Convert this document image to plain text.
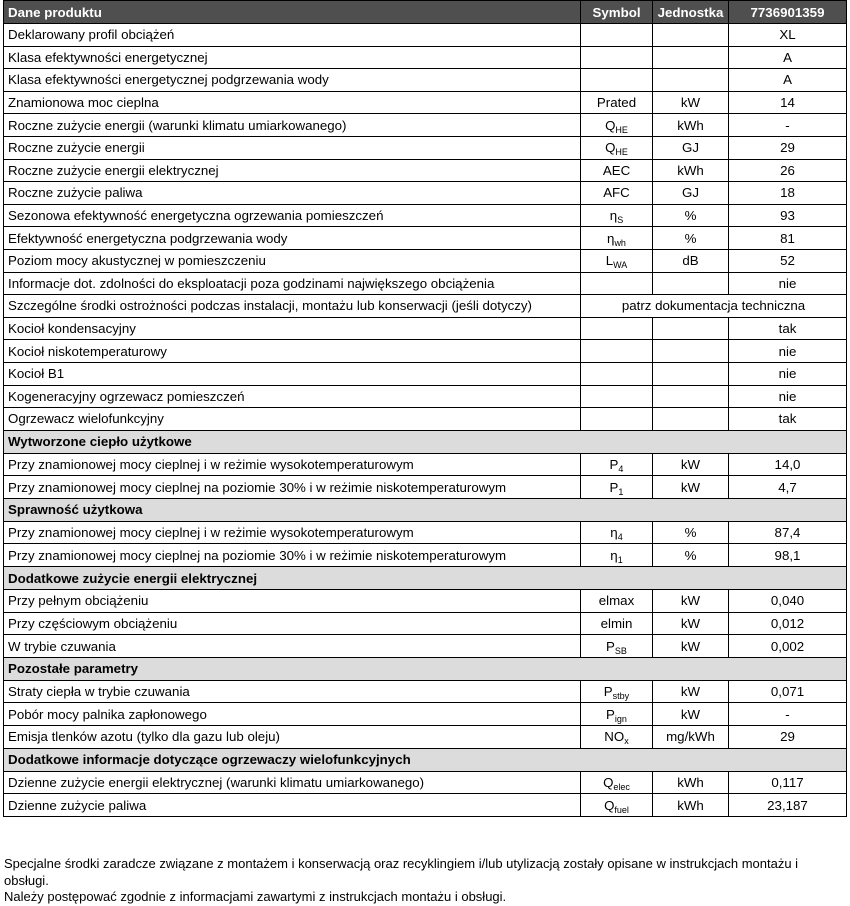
Dane produktu	Symbol	Jednostka	7736901359
Deklarowany profil obciążeń			XL
Klasa efektywności energetycznej			A
Klasa efektywności energetycznej podgrzewania wody			A
Znamionowa moc cieplna	Prated	kW	14
Roczne zużycie energii (warunki klimatu umiarkowanego)	$Q_{HE}$	kWh	-
Roczne zużycie energii	$Q_{HE}$	GJ	29
Roczne zużycie energii elektrycznej	AEC	kWh	26
Roczne zużycie paliwa	AFC	GJ	18
Sezonowa efektywność energetyczna ogrzewania pomieszczeń	$\eta_S$	%	93
Efektywność energetyczna podgrzewania wody	$\eta_{wh}$	%	81
Poziom mocy akustycznej w pomieszczeniu	$L_{WA}$	dB	52
Informacje dot. zdolności do eksploatacji poza godzinami największego obciążenia			nie
Szczególne środki ostrożności podczas instalacji, montażu lub konserwacji (jeśli dotyczy)	patrz dokumentacja techniczna		
Kocioł kondensacyjny			tak
Kocioł niskotemperaturowy			nie
Kocioł B1			nie
Kogeneracyjny ogrzewacz pomieszczeń			nie
Ogrzewacz wielofunkcyjny			tak
Wytworzone ciepło użytkowe			
Przy znamionowej mocy cieplnej i w reżimie wysokotemperaturowym	$P_4$	kW	14,0
Przy znamionowej mocy cieplnej na poziomie 30% i w reżimie niskotemperaturowym	$P_1$	kW	4,7
Sprawność użytkowa			
Przy znamionowej mocy cieplnej i w reżimie wysokotemperaturowym	$\eta_4$	%	87,4
Przy znamionowej mocy cieplnej na poziomie 30% i w reżimie niskotemperaturowym	$\eta_1$	%	98,1
Dodatkowe zużycie energii elektrycznej			
Przy pełnym obciążeniu	elmax	kW	0,040
Przy częściowym obciążeniu	elmin	kW	0,012
W trybie czuwania	$P_{SB}$	kW	0,002
Pozostałe parametry			
Straty ciepła w trybie czuwania	$P_{stby}$	kW	0,071
Pobór mocy palnika zapłonowego	$P_{ign}$	kW	-
Emisja tlenków azotu (tylko dla gazu lub oleju)	$NO_x$	mg/kWh	29
Dodatkowe informacje dotyczące ogrzewaczy wielofunkcyjnych			
Dzienne zużycie energii elektrycznej (warunki klimatu umiarkowanego)	$Q_{elec}$	kWh	0,117
Dzienne zużycie paliwa	$Q_{fuel}$	kWh	23,187

Specjalne środki zaradcze związane z montażem i konserwacją oraz recyklingiem i/lub utylizacją zostały opisane w instrukcjach montażu i obsługi.

Należy postępować zgodnie z informacjami zawartymi z instrukcjach montażu i obsługi.
